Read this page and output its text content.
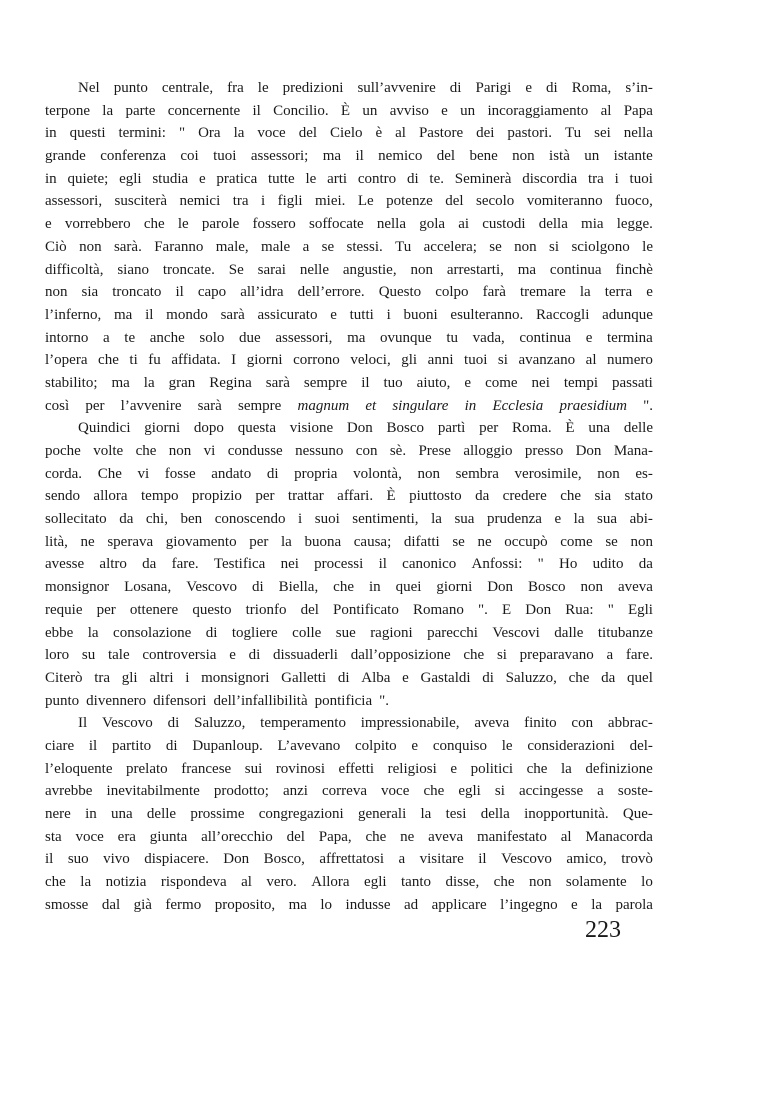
Nel punto centrale, fra le predizioni sull’avvenire di Parigi e di Roma, s’in-
terpone la parte concernente il Concilio. È un avviso e un incoraggiamento al Papa
in questi termini: " Ora la voce del Cielo è al Pastore dei pastori. Tu sei nella
grande conferenza coi tuoi assessori; ma il nemico del bene non istà un istante
in quiete; egli studia e pratica tutte le arti contro di te. Seminerà discordia tra i tuoi
assessori, susciterà nemici tra i figli miei. Le potenze del secolo vomiteranno fuoco,
e vorrebbero che le parole fossero soffocate nella gola ai custodi della mia legge.
Ciò non sarà. Faranno male, male a se stessi. Tu accelera; se non si sciolgono le
difficoltà, siano troncate. Se sarai nelle angustie, non arrestarti, ma continua finchè
non sia troncato il capo all’idra dell’errore. Questo colpo farà tremare la terra e
l’inferno, ma il mondo sarà assicurato e tutti i buoni esulteranno. Raccogli adunque
intorno a te anche solo due assessori, ma ovunque tu vada, continua e termina
l’opera che ti fu affidata. I giorni corrono veloci, gli anni tuoi si avanzano al numero
stabilito; ma la gran Regina sarà sempre il tuo aiuto, e come nei tempi passati
così per l’avvenire sarà sempre magnum et singulare in Ecclesia praesidium ".
Quindici giorni dopo questa visione Don Bosco partì per Roma. È una delle
poche volte che non vi condusse nessuno con sè. Prese alloggio presso Don Mana-
corda. Che vi fosse andato di propria volontà, non sembra verosimile, non es-
sendo allora tempo propizio per trattar affari. È piuttosto da credere che sia stato
sollecitato da chi, ben conoscendo i suoi sentimenti, la sua prudenza e la sua abi-
lità, ne sperava giovamento per la buona causa; difatti se ne occupò come se non
avesse altro da fare. Testifica nei processi il canonico Anfossi: " Ho udito da
monsignor Losana, Vescovo di Biella, che in quei giorni Don Bosco non aveva
requie per ottenere questo trionfo del Pontificato Romano ". E Don Rua: " Egli
ebbe la consolazione di togliere colle sue ragioni parecchi Vescovi dalle titubanze
loro su tale controversia e di dissuaderli dall’opposizione che si preparavano a fare.
Citerò tra gli altri i monsignori Galletti di Alba e Gastaldi di Saluzzo, che da quel
punto divennero difensori dell’infallibilità pontificia ".
Il Vescovo di Saluzzo, temperamento impressionabile, aveva finito con abbrac-
ciare il partito di Dupanloup. L’avevano colpito e conquiso le considerazioni del-
l’eloquente prelato francese sui rovinosi effetti religiosi e politici che la definizione
avrebbe inevitabilmente prodotto; anzi correva voce che egli si accingesse a soste-
nere in una delle prossime congregazioni generali la tesi della inopportunità. Que-
sta voce era giunta all’orecchio del Papa, che ne aveva manifestato al Manacorda
il suo vivo dispiacere. Don Bosco, affrettatosi a visitare il Vescovo amico, trovò
che la notizia rispondeva al vero. Allora egli tanto disse, che non solamente lo
smosse dal già fermo proposito, ma lo indusse ad applicare l’ingegno e la parola
223
